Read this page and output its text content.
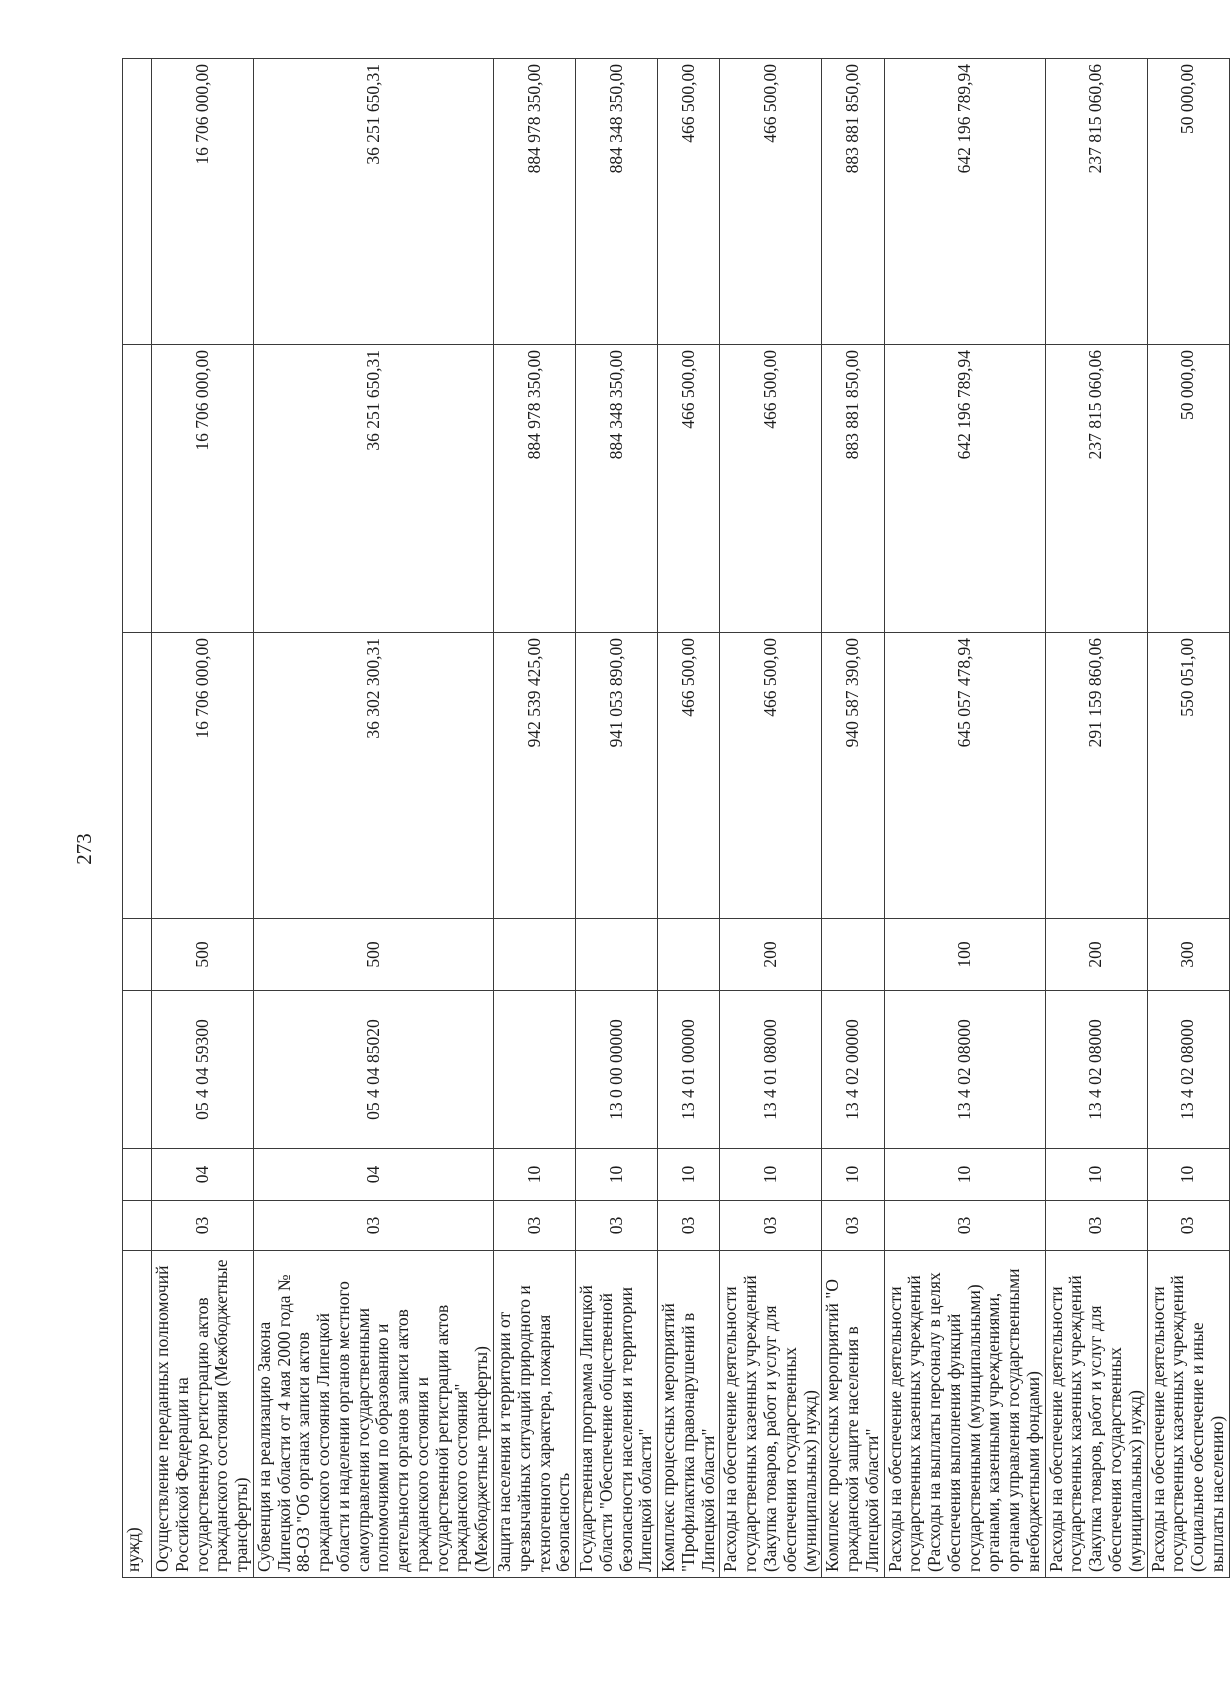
273
нужд)							
Осуществление переданных полномочий Российской Федерации на государственную регистрацию актов гражданского состояния (Межбюджетные трансферты)	03	04	05 4 04 59300	500	16 706 000,00	16 706 000,00	16 706 000,00
Субвенция на реализацию Закона Липецкой области от 4 мая 2000 года № 88-ОЗ "Об органах записи актов гражданского состояния Липецкой области и наделении органов местного самоуправления государственными полномочиями по образованию и деятельности органов записи актов гражданского состояния и государственной регистрации актов гражданского состояния" (Межбюджетные трансферты)	03	04	05 4 04 85020	500	36 302 300,31	36 251 650,31	36 251 650,31
Защита населения и территории от чрезвычайных ситуаций природного и техногенного характера, пожарная безопасность	03	10			942 539 425,00	884 978 350,00	884 978 350,00
Государственная программа Липецкой области "Обеспечение общественной безопасности населения и территории Липецкой области"	03	10	13 0 00 00000		941 053 890,00	884 348 350,00	884 348 350,00
Комплекс процессных мероприятий "Профилактика правонарушений в Липецкой области"	03	10	13 4 01 00000		466 500,00	466 500,00	466 500,00
Расходы на обеспечение деятельности государственных казенных учреждений (Закупка товаров, работ и услуг для обеспечения государственных (муниципальных) нужд)	03	10	13 4 01 08000	200	466 500,00	466 500,00	466 500,00
Комплекс процессных мероприятий "О гражданской защите населения в Липецкой области"	03	10	13 4 02 00000		940 587 390,00	883 881 850,00	883 881 850,00
Расходы на обеспечение деятельности государственных казенных учреждений (Расходы на выплаты персоналу в целях обеспечения выполнения функций государственными (муниципальными) органами, казенными учреждениями, органами управления государственными внебюджетными фондами)	03	10	13 4 02 08000	100	645 057 478,94	642 196 789,94	642 196 789,94
Расходы на обеспечение деятельности государственных казенных учреждений (Закупка товаров, работ и услуг для обеспечения государственных (муниципальных) нужд)	03	10	13 4 02 08000	200	291 159 860,06	237 815 060,06	237 815 060,06
Расходы на обеспечение деятельности государственных казенных учреждений (Социальное обеспечение и иные выплаты населению)	03	10	13 4 02 08000	300	550 051,00	50 000,00	50 000,00
